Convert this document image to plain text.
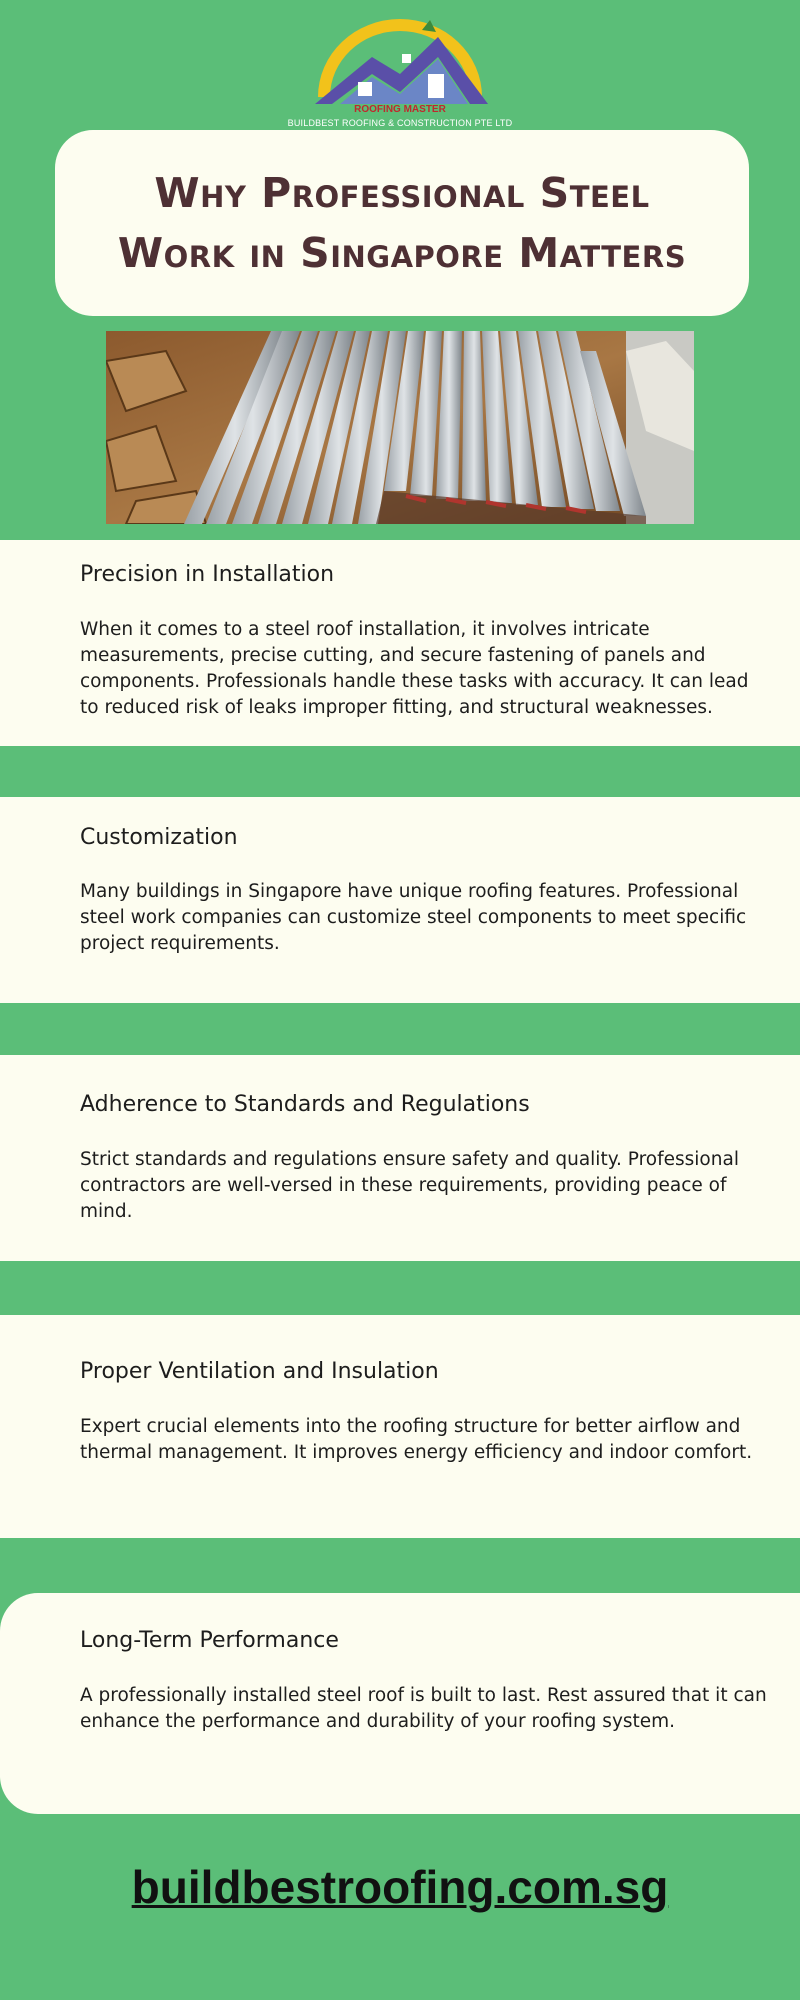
ROOFING MASTER
BUILDBEST ROOFING & CONSTRUCTION PTE LTD
Why Professional Steel
Work in Singapore Matters
Precision in Installation

When it comes to a steel roof installation, it involves intricate measurements, precise cutting, and secure fastening of panels and components. Professionals handle these tasks with accuracy. It can lead to reduced risk of leaks improper fitting, and structural weaknesses.

Customization

Many buildings in Singapore have unique roofing features. Professional steel work companies can customize steel components to meet specific project requirements.

Adherence to Standards and Regulations

Strict standards and regulations ensure safety and quality. Professional contractors are well-versed in these requirements, providing peace of mind.

Proper Ventilation and Insulation

Expert crucial elements into the roofing structure for better airflow and thermal management. It improves energy efficiency and indoor comfort.

Long-Term Performance

A professionally installed steel roof is built to last. Rest assured that it can enhance the performance and durability of your roofing system.

buildbestroofing.com.sg
